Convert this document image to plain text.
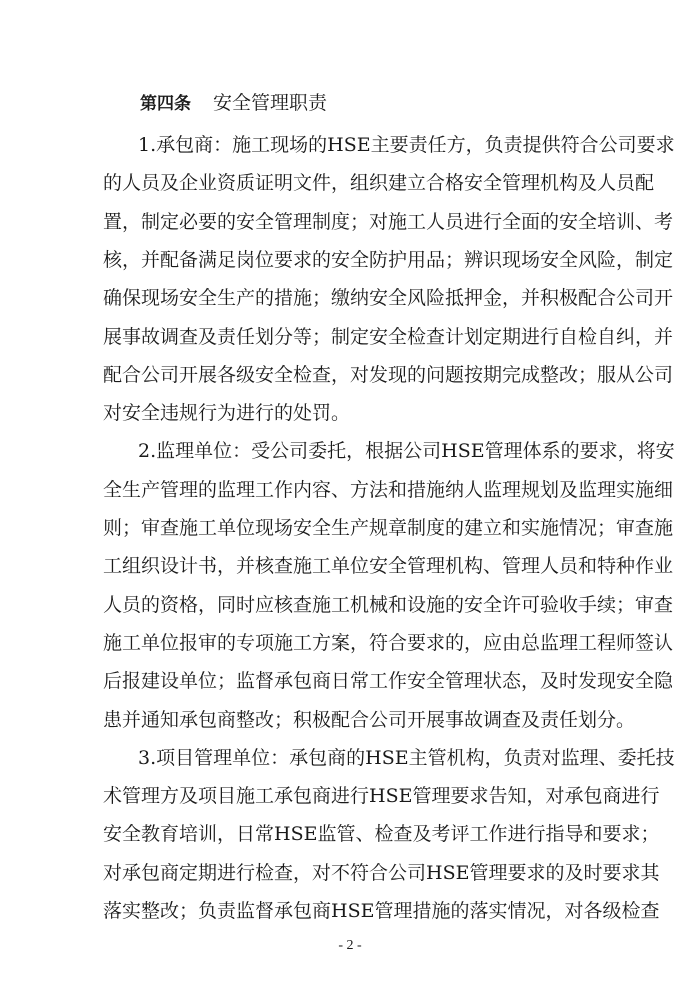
第四条 安全管理职责
1.承包商：施工现场的HSE主要责任方，负责提供符合公司要求
的人员及企业资质证明文件，组织建立合格安全管理机构及人员配
置，制定必要的安全管理制度；对施工人员进行全面的安全培训、考
核，并配备满足岗位要求的安全防护用品；辨识现场安全风险，制定
确保现场安全生产的措施；缴纳安全风险抵押金，并积极配合公司开
展事故调查及责任划分等；制定安全检查计划定期进行自检自纠，并
配合公司开展各级安全检查，对发现的问题按期完成整改；服从公司
对安全违规行为进行的处罚。
2.监理单位：受公司委托，根据公司HSE管理体系的要求，将安
全生产管理的监理工作内容、方法和措施纳人监理规划及监理实施细
则；审查施工单位现场安全生产规章制度的建立和实施情况；审查施
工组织设计书，并核查施工单位安全管理机构、管理人员和特种作业
人员的资格，同时应核查施工机械和设施的安全许可验收手续；审查
施工单位报审的专项施工方案，符合要求的，应由总监理工程师签认
后报建设单位；监督承包商日常工作安全管理状态，及时发现安全隐
患并通知承包商整改；积极配合公司开展事故调查及责任划分。
3.项目管理单位：承包商的HSE主管机构，负责对监理、委托技
术管理方及项目施工承包商进行HSE管理要求告知，对承包商进行
安全教育培训，日常HSE监管、检查及考评工作进行指导和要求；
对承包商定期进行检查，对不符合公司HSE管理要求的及时要求其
落实整改；负责监督承包商HSE管理措施的落实情况，对各级检查
- 2 -
